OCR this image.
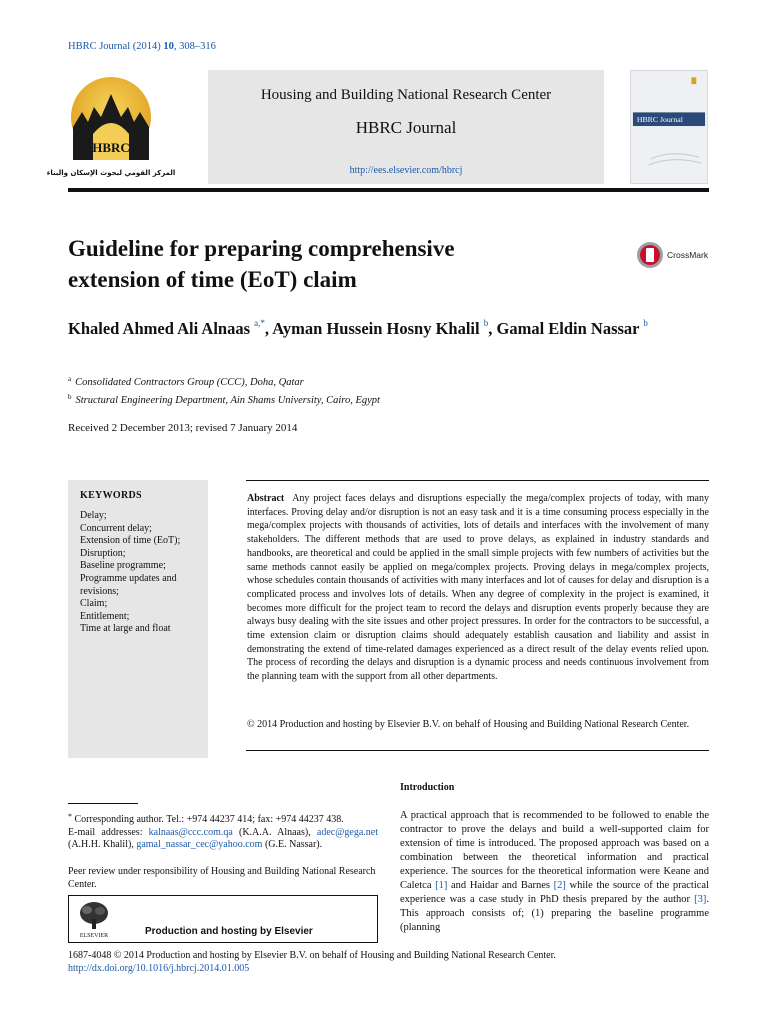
HBRC Journal (2014) 10, 308–316
HBRC
المركز القومي لبحوث الإسكان والبناء
Housing and Building National Research Center
HBRC Journal
http://ees.elsevier.com/hbrcj
HBRC Journal
Guideline for preparing comprehensive extension of time (EoT) claim
CrossMark
Khaled Ahmed Ali Alnaas $^{a,*}$, Ayman Hussein Hosny Khalil $^b$, Gamal Eldin Nassar $^b$
$^a$ Consolidated Contractors Group (CCC), Doha, Qatar
$^b$ Structural Engineering Department, Ain Shams University, Cairo, Egypt
Received 2 December 2013; revised 7 January 2014
KEYWORDS
Delay;
Concurrent delay;
Extension of time (EoT);
Disruption;
Baseline programme;
Programme updates and revisions;
Claim;
Entitlement;
Time at large and float
Abstract Any project faces delays and disruptions especially the mega/complex projects of today, with many interfaces. Proving delay and/or disruption is not an easy task and it is a time consuming process especially in the mega/complex projects with thousands of activities, lots of details and interfaces with the involvement of many stakeholders. The different methods that are used to prove delays, as explained in industry standards and handbooks, are theoretical and could be applied in the small simple projects with few numbers of activities but the same methods cannot easily be applied on mega/complex projects. Proving delays in mega/complex projects, whose schedules contain thousands of activities with many interfaces and lot of causes for delay and disruption is a complicated process and involves lots of details. When any degree of complexity in the project is examined, it becomes more difficult for the project team to record the delays and disruption events properly because they are always busy dealing with the site issues and other project pressures. In order for the contractors to be successful, a time extension claim or disruption claims should adequately establish causation and liability and assist in demonstrating the extend of time-related damages experienced as a direct result of the delay events relied upon. The process of recording the delays and disruption is a dynamic process and needs continuous involvement from the planning team with the support from all other departments.
© 2014 Production and hosting by Elsevier B.V. on behalf of Housing and Building National Research Center.
Introduction
A practical approach that is recommended to be followed to enable the contractor to prove the delays and build a well-supported claim for extension of time is introduced. The proposed approach was based on a combination between the theoretical information and practical experience. The sources for the theoretical information were Keane and Caletca [1] and Haidar and Barnes [2] while the source of the practical experience was a case study in PhD thesis prepared by the author [3]. This approach consists of; (1) preparing the baseline programme (planning
* Corresponding author. Tel.: +974 44237 414; fax: +974 44237 438.
E-mail addresses: kalnaas@ccc.com.qa (K.A.A. Alnaas), adec@gega.net (A.H.H. Khalil), gamal_nassar_cec@yahoo.com (G.E. Nassar).
Peer review under responsibility of Housing and Building National Research Center.
ELSEVIER	Production and hosting by Elsevier
1687-4048 © 2014 Production and hosting by Elsevier B.V. on behalf of Housing and Building National Research Center.
http://dx.doi.org/10.1016/j.hbrcj.2014.01.005
